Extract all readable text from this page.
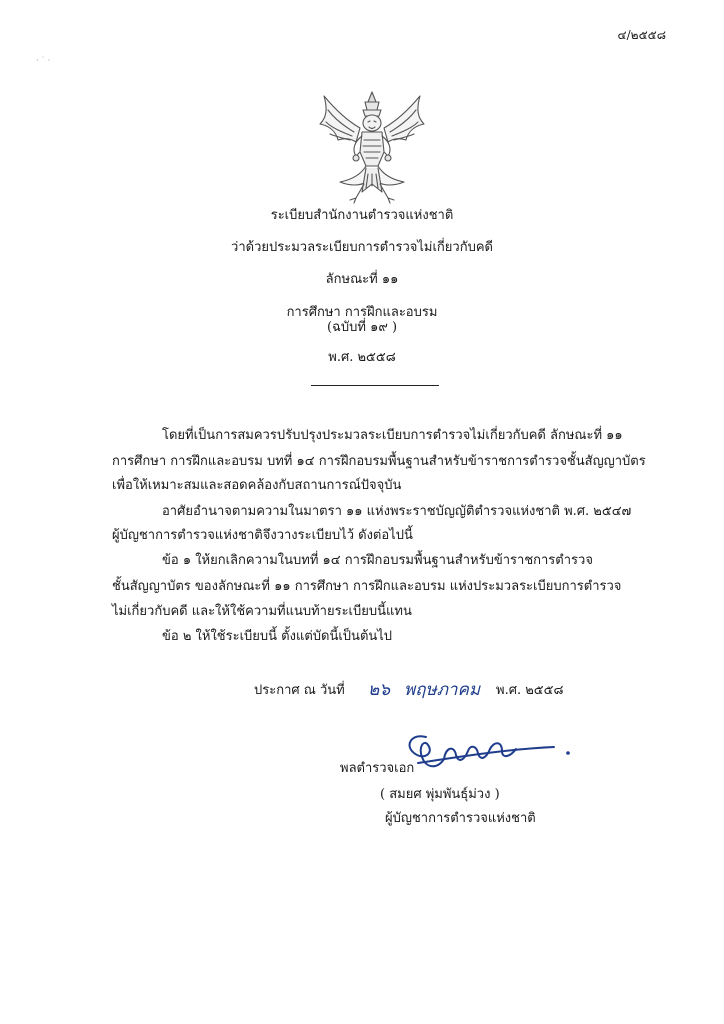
· ˙ ·
๔/๒๕๕๘
ระเบียบสำนักงานตำรวจแห่งชาติ
ว่าด้วยประมวลระเบียบการตำรวจไม่เกี่ยวกับคดี
ลักษณะที่ ๑๑
การศึกษา การฝึกและอบรม
(ฉบับที่ ๑๙ )
พ.ศ. ๒๕๕๘
โดยที่เป็นการสมควรปรับปรุงประมวลระเบียบการตำรวจไม่เกี่ยวกับคดี ลักษณะที่ ๑๑
การศึกษา การฝึกและอบรม บทที่ ๑๔ การฝึกอบรมพื้นฐานสำหรับข้าราชการตำรวจชั้นสัญญาบัตร
เพื่อให้เหมาะสมและสอดคล้องกับสถานการณ์ปัจจุบัน
อาศัยอำนาจตามความในมาตรา ๑๑ แห่งพระราชบัญญัติตำรวจแห่งชาติ พ.ศ. ๒๕๔๗
ผู้บัญชาการตำรวจแห่งชาติจึงวางระเบียบไว้ ดังต่อไปนี้
ข้อ ๑ ให้ยกเลิกความในบทที่ ๑๔ การฝึกอบรมพื้นฐานสำหรับข้าราชการตำรวจ
ชั้นสัญญาบัตร ของลักษณะที่ ๑๑ การศึกษา การฝึกและอบรม แห่งประมวลระเบียบการตำรวจ
ไม่เกี่ยวกับคดี และให้ใช้ความที่แนบท้ายระเบียบนี้แทน
ข้อ ๒ ให้ใช้ระเบียบนี้ ตั้งแต่บัดนี้เป็นต้นไป
ประกาศ ณ วันที่ ๒๖ พฤษภาคม พ.ศ. ๒๕๕๘
พลตำรวจเอก
( สมยศ พุ่มพันธุ์ม่วง )
ผู้บัญชาการตำรวจแห่งชาติ
